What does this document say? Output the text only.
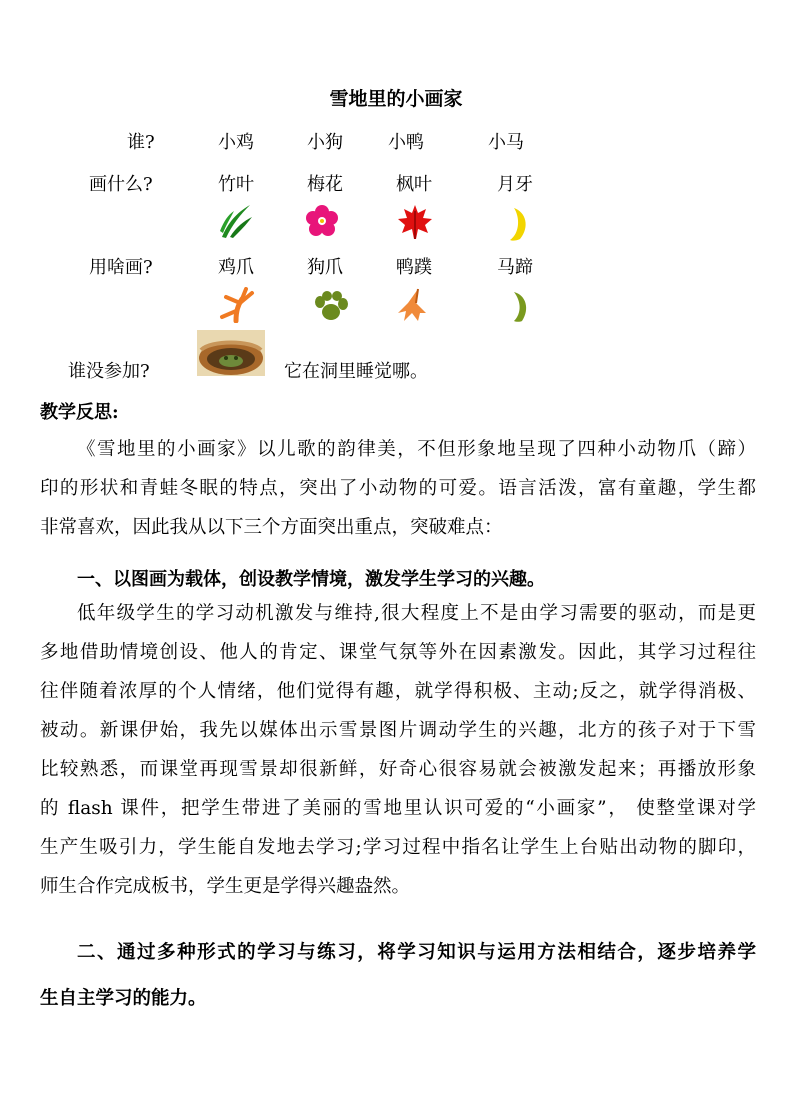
雪地里的小画家
谁?	小鸡	小狗	小鸭	小马
画什么?	竹叶	梅花	枫叶	月牙
用啥画?	鸡爪	狗爪	鸭蹼	马蹄
谁没参加?	它在洞里睡觉哪。
教学反思:
《雪地里的小画家》以儿歌的韵律美，不但形象地呈现了四种小动物爪（蹄）
印的形状和青蛙冬眠的特点，突出了小动物的可爱。语言活泼，富有童趣，学生都
非常喜欢，因此我从以下三个方面突出重点，突破难点：
一、以图画为载体，创设教学情境，激发学生学习的兴趣。
低年级学生的学习动机激发与维持,很大程度上不是由学习需要的驱动，而是更
多地借助情境创设、他人的肯定、课堂气氛等外在因素激发。因此，其学习过程往
往伴随着浓厚的个人情绪，他们觉得有趣，就学得积极、主动;反之，就学得消极、
被动。新课伊始，我先以媒体出示雪景图片调动学生的兴趣，北方的孩子对于下雪
比较熟悉，而课堂再现雪景却很新鲜，好奇心很容易就会被激发起来；再播放形象
的 flash 课件，把学生带进了美丽的雪地里认识可爱的“小画家”， 使整堂课对学
生产生吸引力，学生能自发地去学习;学习过程中指名让学生上台贴出动物的脚印，
师生合作完成板书，学生更是学得兴趣盎然。
二、通过多种形式的学习与练习，将学习知识与运用方法相结合，逐步培养学
生自主学习的能力。
